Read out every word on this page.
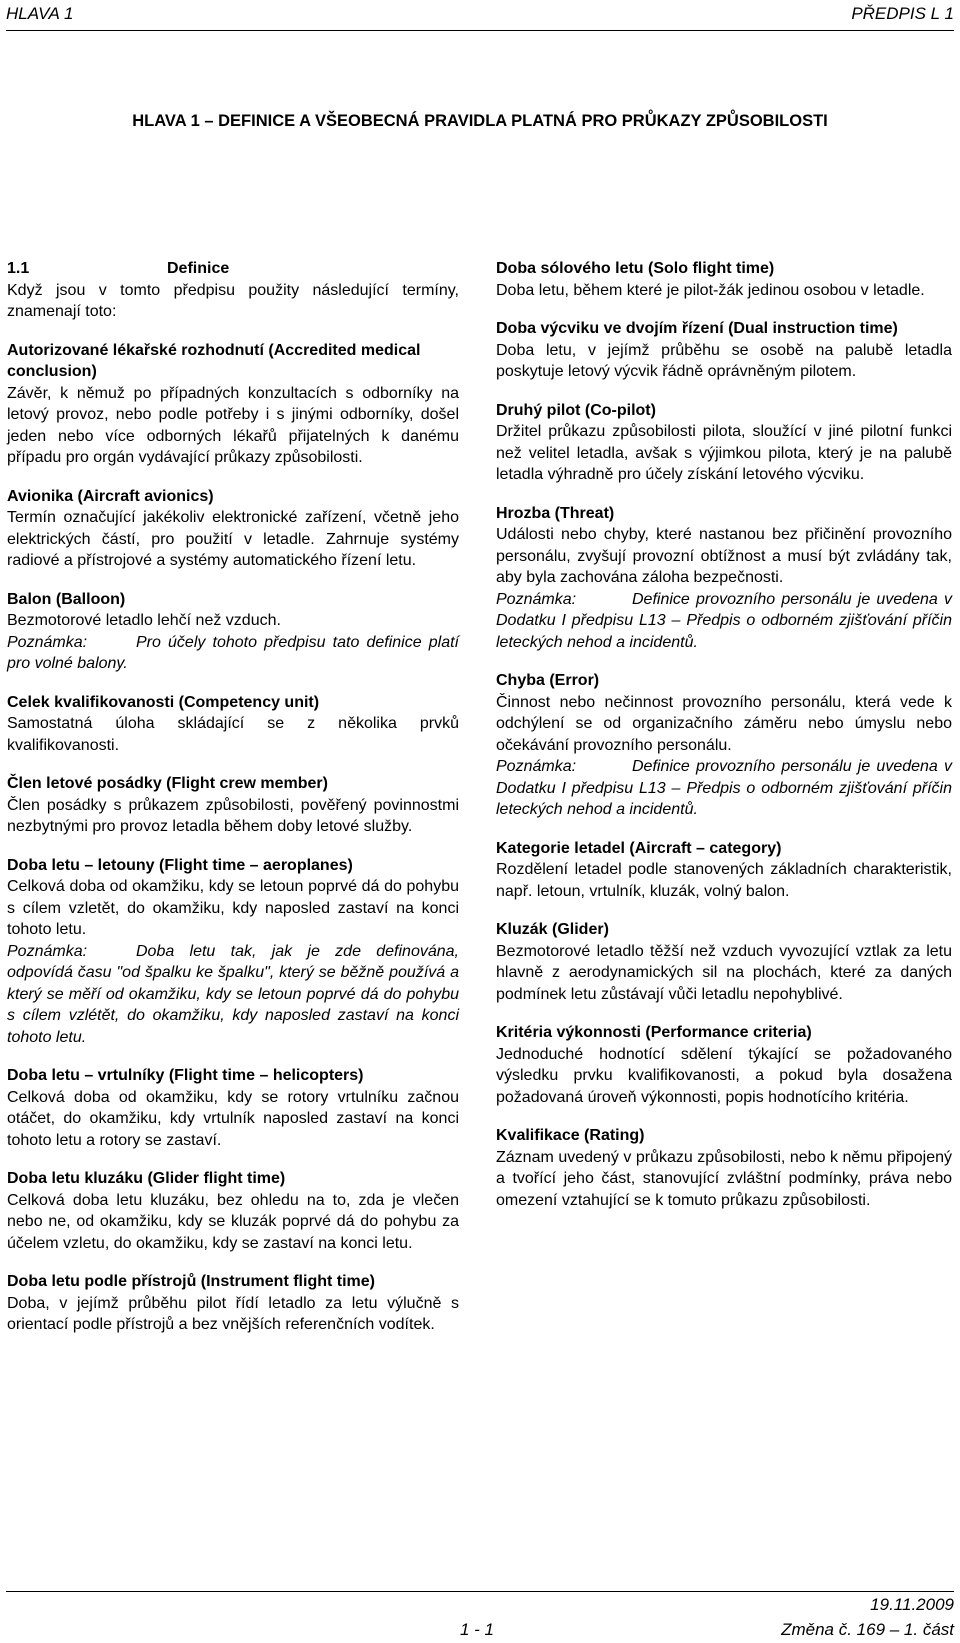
HLAVA 1	PŘEDPIS L 1
HLAVA 1 – DEFINICE A VŠEOBECNÁ PRAVIDLA PLATNÁ PRO PRŮKAZY ZPŮSOBILOSTI
1.1	Definice

Když jsou v tomto předpisu použity následující termíny, znamenají toto:

Autorizované lékařské rozhodnutí (Accredited medical conclusion)

Závěr, k němuž po případných konzultacích s odborníky na letový provoz, nebo podle potřeby i s jinými odborníky, došel jeden nebo více odborných lékařů přijatelných k danému případu pro orgán vydávající průkazy způsobilosti.

Avionika (Aircraft avionics)

Termín označující jakékoliv elektronické zařízení, včetně jeho elektrických částí, pro použití v letadle. Zahrnuje systémy radiové a přístrojové a systémy automatického řízení letu.

Balon (Balloon)

Bezmotorové letadlo lehčí než vzduch.

Poznámka:	Pro účely tohoto předpisu tato definice platí pro volné balony.

Celek kvalifikovanosti (Competency unit)

Samostatná úloha skládající se z několika prvků kvalifikovanosti.

Člen letové posádky (Flight crew member)

Člen posádky s průkazem způsobilosti, pověřený povinnostmi nezbytnými pro provoz letadla během doby letové služby.

Doba letu – letouny (Flight time – aeroplanes)

Celková doba od okamžiku, kdy se letoun poprvé dá do pohybu s cílem vzletět, do okamžiku, kdy naposled zastaví na konci tohoto letu.

Poznámka:	Doba letu tak, jak je zde definována, odpovídá času "od špalku ke špalku", který se běžně používá a který se měří od okamžiku, kdy se letoun poprvé dá do pohybu s cílem vzlétět, do okamžiku, kdy naposled zastaví na konci tohoto letu.

Doba letu – vrtulníky (Flight time – helicopters)

Celková doba od okamžiku, kdy se rotory vrtulníku začnou otáčet, do okamžiku, kdy vrtulník naposled zastaví na konci tohoto letu a rotory se zastaví.

Doba letu kluzáku (Glider flight time)

Celková doba letu kluzáku, bez ohledu na to, zda je vlečen nebo ne, od okamžiku, kdy se kluzák poprvé dá do pohybu za účelem vzletu, do okamžiku, kdy se zastaví na konci letu.

Doba letu podle přístrojů (Instrument flight time)

Doba, v jejímž průběhu pilot řídí letadlo za letu výlučně s orientací podle přístrojů a bez vnějších referenčních vodítek.

Doba sólového letu (Solo flight time)

Doba letu, během které je pilot-žák jedinou osobou v letadle.

Doba výcviku ve dvojím řízení (Dual instruction time)

Doba letu, v jejímž průběhu se osobě na palubě letadla poskytuje letový výcvik řádně oprávněným pilotem.

Druhý pilot (Co-pilot)

Držitel průkazu způsobilosti pilota, sloužící v jiné pilotní funkci než velitel letadla, avšak s výjimkou pilota, který je na palubě letadla výhradně pro účely získání letového výcviku.

Hrozba (Threat)

Události nebo chyby, které nastanou bez přičinění provozního personálu, zvyšují provozní obtížnost a musí být zvládány tak, aby byla zachována záloha bezpečnosti.

Poznámka:	Definice provozního personálu je uvedena v Dodatku I předpisu L13 – Předpis o odborném zjišťování příčin leteckých nehod a incidentů.

Chyba (Error)

Činnost nebo nečinnost provozního personálu, která vede k odchýlení se od organizačního záměru nebo úmyslu nebo očekávání provozního personálu.

Poznámka:	Definice provozního personálu je uvedena v Dodatku I předpisu L13 – Předpis o odborném zjišťování příčin leteckých nehod a incidentů.

Kategorie letadel (Aircraft – category)

Rozdělení letadel podle stanovených základních charakteristik, např. letoun, vrtulník, kluzák, volný balon.

Kluzák (Glider)

Bezmotorové letadlo těžší než vzduch vyvozující vztlak za letu hlavně z aerodynamických sil na plochách, které za daných podmínek letu zůstávají vůči letadlu nepohyblivé.

Kritéria výkonnosti (Performance criteria)

Jednoduché hodnotící sdělení týkající se požadovaného výsledku prvku kvalifikovanosti, a pokud byla dosažena požadovaná úroveň výkonnosti, popis hodnotícího kritéria.

Kvalifikace (Rating)

Záznam uvedený v průkazu způsobilosti, nebo k němu připojený a tvořící jeho část, stanovující zvláštní podmínky, práva nebo omezení vztahující se k tomuto průkazu způsobilosti.

1 - 1
19.11.2009
Změna č. 169 – 1. část
